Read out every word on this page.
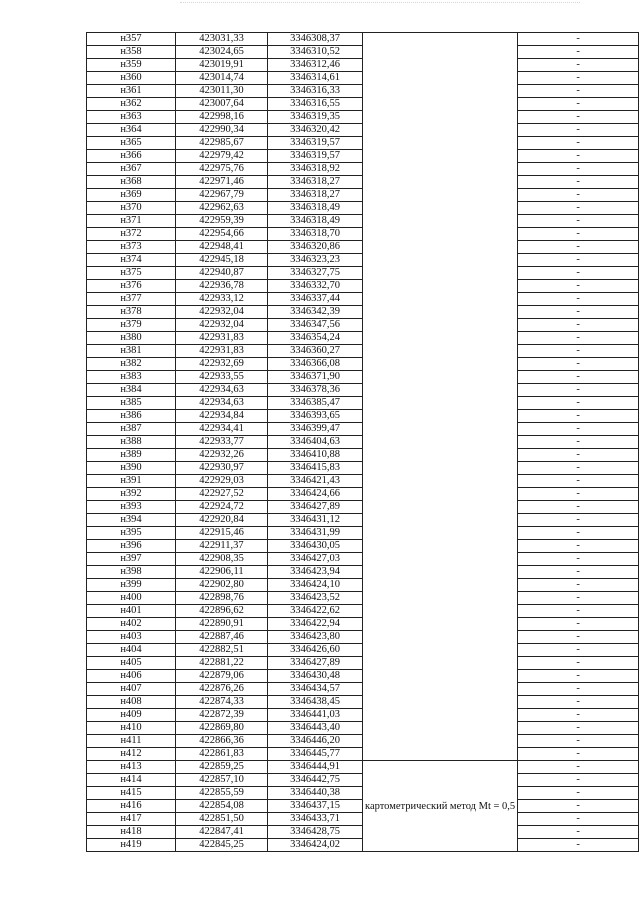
н357	423031,33	3346308,37		-
н358	423024,65	3346310,52		-
н359	423019,91	3346312,46		-
н360	423014,74	3346314,61		-
н361	423011,30	3346316,33		-
н362	423007,64	3346316,55		-
н363	422998,16	3346319,35		-
н364	422990,34	3346320,42		-
н365	422985,67	3346319,57		-
н366	422979,42	3346319,57		-
н367	422975,76	3346318,92		-
н368	422971,46	3346318,27		-
н369	422967,79	3346318,27		-
н370	422962,63	3346318,49		-
н371	422959,39	3346318,49		-
н372	422954,66	3346318,70		-
н373	422948,41	3346320,86		-
н374	422945,18	3346323,23		-
н375	422940,87	3346327,75		-
н376	422936,78	3346332,70		-
н377	422933,12	3346337,44		-
н378	422932,04	3346342,39		-
н379	422932,04	3346347,56		-
н380	422931,83	3346354,24		-
н381	422931,83	3346360,27		-
н382	422932,69	3346366,08		-
н383	422933,55	3346371,90		-
н384	422934,63	3346378,36		-
н385	422934,63	3346385,47		-
н386	422934,84	3346393,65		-
н387	422934,41	3346399,47		-
н388	422933,77	3346404,63		-
н389	422932,26	3346410,88		-
н390	422930,97	3346415,83		-
н391	422929,03	3346421,43		-
н392	422927,52	3346424,66		-
н393	422924,72	3346427,89		-
н394	422920,84	3346431,12		-
н395	422915,46	3346431,99		-
н396	422911,37	3346430,05		-
н397	422908,35	3346427,03		-
н398	422906,11	3346423,94		-
н399	422902,80	3346424,10		-
н400	422898,76	3346423,52		-
н401	422896,62	3346422,62		-
н402	422890,91	3346422,94		-
н403	422887,46	3346423,80		-
н404	422882,51	3346426,60		-
н405	422881,22	3346427,89		-
н406	422879,06	3346430,48		-
н407	422876,26	3346434,57		-
н408	422874,33	3346438,45		-
н409	422872,39	3346441,03		-
н410	422869,80	3346443,40		-
н411	422866,36	3346446,20		-
н412	422861,83	3346445,77		-
н413	422859,25	3346444,91	картометрический метод Mt = 0,5	-
н414	422857,10	3346442,75		-
н415	422855,59	3346440,38		-
н416	422854,08	3346437,15		-
н417	422851,50	3346433,71		-
н418	422847,41	3346428,75		-
н419	422845,25	3346424,02		-
